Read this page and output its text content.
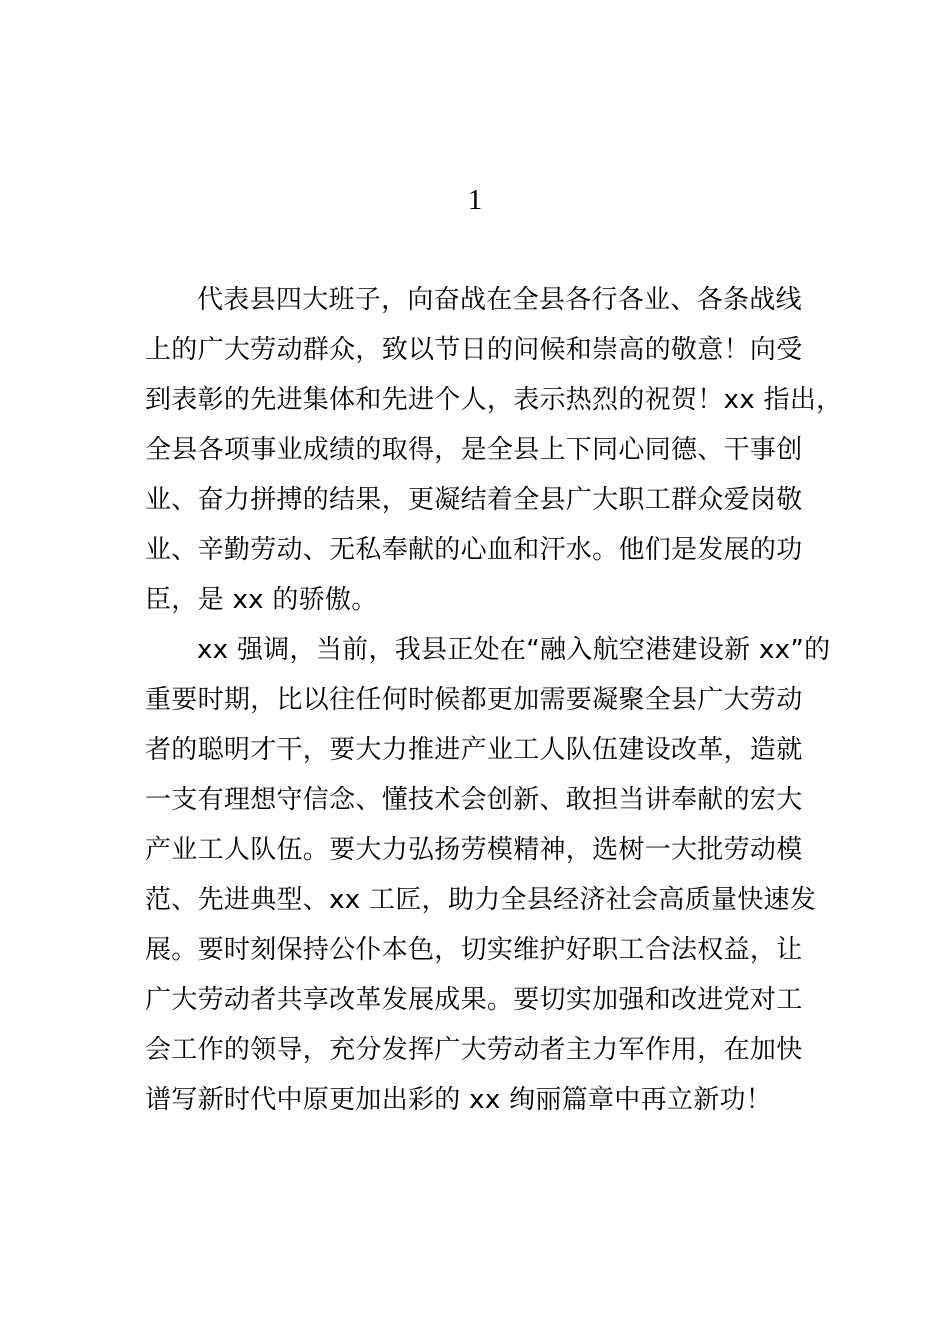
1

代表县四大班子，向奋战在全县各行各业、各条战线
上的广大劳动群众，致以节日的问候和崇高的敬意！向受
到表彰的先进集体和先进个人，表示热烈的祝贺！xx 指出，
全县各项事业成绩的取得，是全县上下同心同德、干事创
业、奋力拼搏的结果，更凝结着全县广大职工群众爱岗敬
业、辛勤劳动、无私奉献的心血和汗水。他们是发展的功
臣，是 xx 的骄傲。

xx 强调，当前，我县正处在“融入航空港建设新 xx”的
重要时期，比以往任何时候都更加需要凝聚全县广大劳动
者的聪明才干，要大力推进产业工人队伍建设改革，造就
一支有理想守信念、懂技术会创新、敢担当讲奉献的宏大
产业工人队伍。要大力弘扬劳模精神，选树一大批劳动模
范、先进典型、xx 工匠，助力全县经济社会高质量快速发
展。要时刻保持公仆本色，切实维护好职工合法权益，让
广大劳动者共享改革发展成果。要切实加强和改进党对工
会工作的领导，充分发挥广大劳动者主力军作用，在加快
谱写新时代中原更加出彩的 xx 绚丽篇章中再立新功！
